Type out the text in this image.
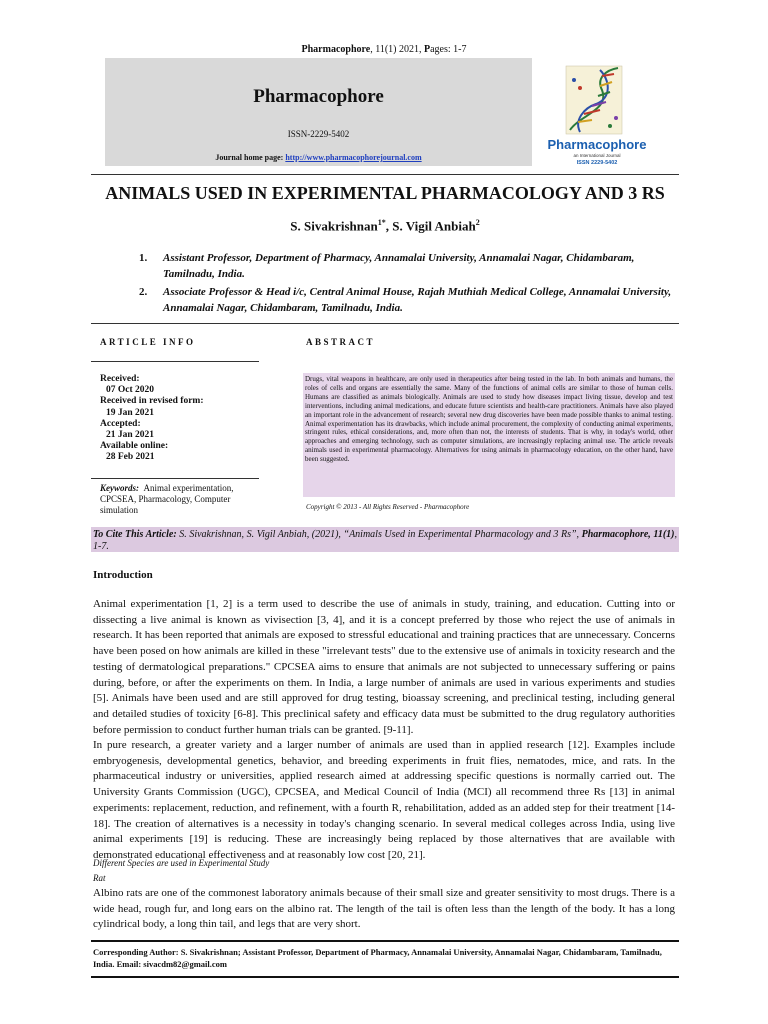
Pharmacophore, 11(1) 2021, Pages: 1-7
Pharmacophore
ISSN-2229-5402
Journal home page: http://www.pharmacophorejournal.com
Pharmacophore
an International Journal
ISSN 2229-5402
ANIMALS USED IN EXPERIMENTAL PHARMACOLOGY AND 3 RS
S. Sivakrishnan$^{1*}$, S. Vigil Anbiah$^2$
1. Assistant Professor, Department of Pharmacy, Annamalai University, Annamalai Nagar, Chidambaram, Tamilnadu, India.
2. Associate Professor & Head i/c, Central Animal House, Rajah Muthiah Medical College, Annamalai University, Annamalai Nagar, Chidambaram, Tamilnadu, India.
ARTICLE INFO
Received:
07 Oct 2020
Received in revised form:
19 Jan 2021
Accepted:
21 Jan 2021
Available online:
28 Feb 2021
Keywords: Animal experimentation, CPCSEA, Pharmacology, Computer simulation
ABSTRACT
Drugs, vital weapons in healthcare, are only used in therapeutics after being tested in the lab. In both animals and humans, the roles of cells and organs are essentially the same. Many of the functions of animal cells are similar to those of human cells. Humans are classified as animals biologically. Animals are used to study how diseases impact living tissue, develop and test interventions, including animal medications, and educate future scientists and health-care practitioners. Animals have also played an important role in the advancement of research; several new drug discoveries have been made possible thanks to animal testing. Animal experimentation has its drawbacks, which include animal procurement, the complexity of conducting animal experiments, stringent rules, ethical considerations, and, more often than not, the interests of students. That is why, in today's world, other approaches and emerging technology, such as computer simulations, are increasingly replacing animal use. The article reveals animals used in experimental pharmacology. Alternatives for using animals in pharmacology education, on the other hand, have been suggested.
Copyright © 2013 - All Rights Reserved - Pharmacophore
To Cite This Article: S. Sivakrishnan, S. Vigil Anbiah, (2021), “Animals Used in Experimental Pharmacology and 3 Rs”, Pharmacophore, 11(1), 1-7.
Introduction
Animal experimentation [1, 2] is a term used to describe the use of animals in study, training, and education. Cutting into or dissecting a live animal is known as vivisection [3, 4], and it is a concept preferred by those who reject the use of animals in research. It has been reported that animals are exposed to stressful educational and training practices that are unnecessary. Concerns have been posed on how animals are killed in these "irrelevant tests" due to the extensive use of animals in toxicity research and the testing of dermatological preparations." CPCSEA aims to ensure that animals are not subjected to unnecessary suffering or pains during, before, or after the experiments on them. In India, a large number of animals are used in various experiments and studies [5]. Animals have been used and are still approved for drug testing, bioassay screening, and preclinical testing, including general and detailed studies of toxicity [6-8]. This preclinical safety and efficacy data must be submitted to the drug regulatory authorities before permission to conduct further human trials can be granted. [9-11].
In pure research, a greater variety and a larger number of animals are used than in applied research [12]. Examples include embryogenesis, developmental genetics, behavior, and breeding experiments in fruit flies, nematodes, mice, and rats. In the pharmaceutical industry or universities, applied research aimed at addressing specific questions is normally carried out. The University Grants Commission (UGC), CPCSEA, and Medical Council of India (MCI) all recommend three Rs [13] in animal experiments: replacement, reduction, and refinement, with a fourth R, rehabilitation, added as an added step for their treatment [14-18]. The creation of alternatives is a necessity in today's changing scenario. In several medical colleges across India, using live animal experiments [19] is reducing. These are increasingly being replaced by those alternatives that are available with demonstrated educational effectiveness and at reasonably low cost [20, 21].
Different Species are used in Experimental Study
Rat
Albino rats are one of the commonest laboratory animals because of their small size and greater sensitivity to most drugs. There is a wide head, rough fur, and long ears on the albino rat. The length of the tail is often less than the length of the body. It has a long cylindrical body, a long thin tail, and legs that are very short.
Corresponding Author: S. Sivakrishnan; Assistant Professor, Department of Pharmacy, Annamalai University, Annamalai Nagar, Chidambaram, Tamilnadu, India. Email: sivacdm82@gmail.com
